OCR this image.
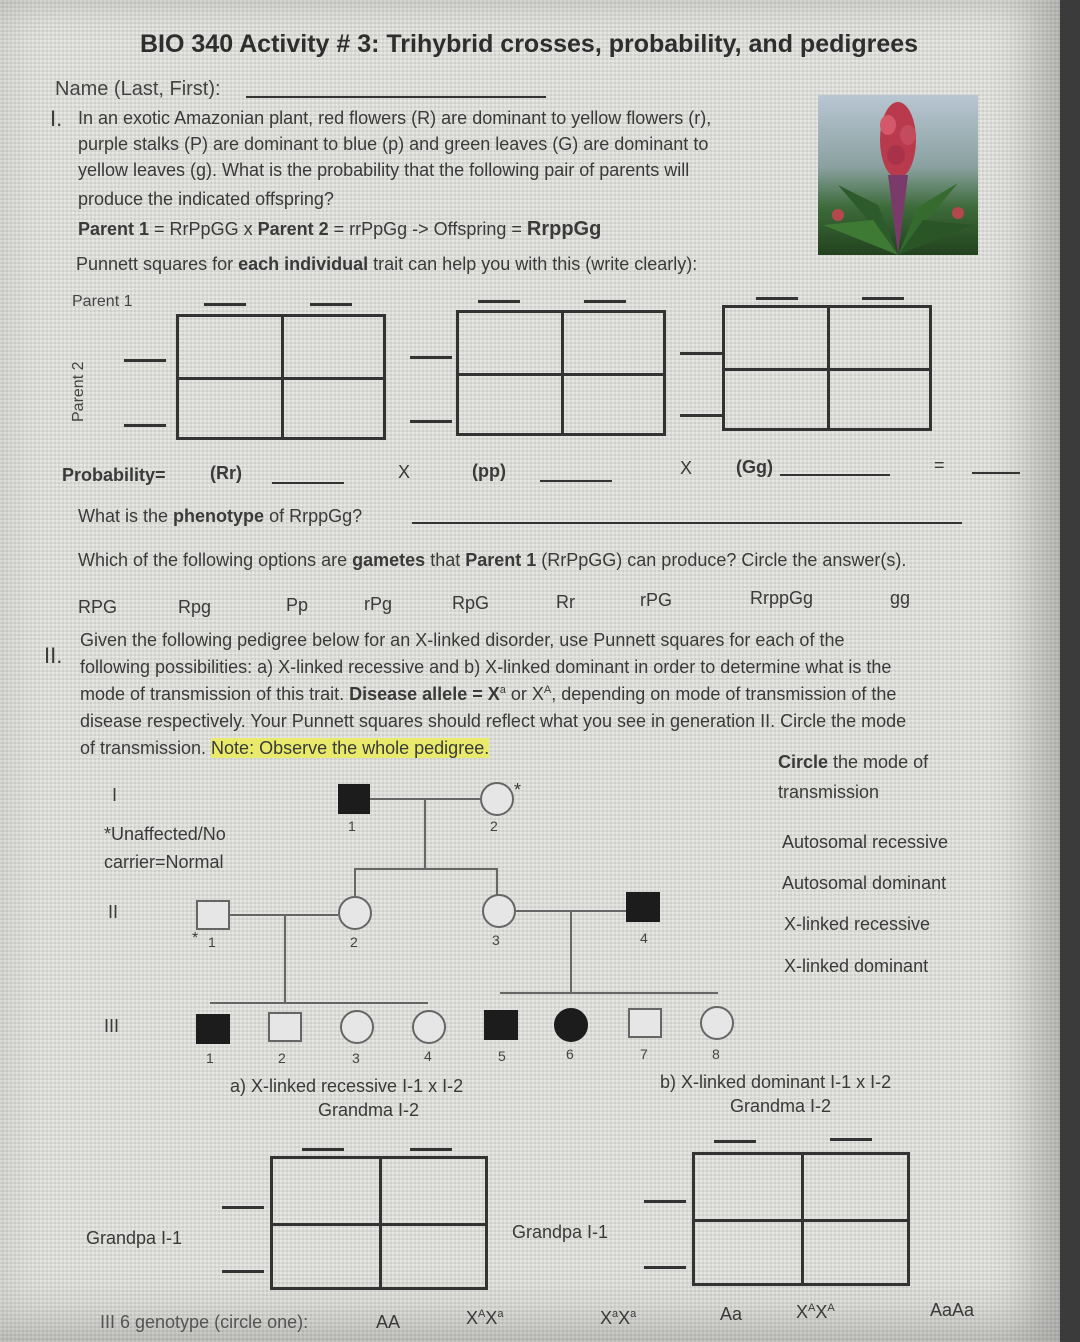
BIO 340 Activity # 3: Trihybrid crosses, probability, and pedigrees
Name (Last, First):
I. In an exotic Amazonian plant, red flowers (R) are dominant to yellow flowers (r),
purple stalks (P) are dominant to blue (p) and green leaves (G) are dominant to
yellow leaves (g). What is the probability that the following pair of parents will
produce the indicated offspring?
Parent 1 = RrPpGG x Parent 2 = rrPpGg -> Offspring = RrppGg
Punnett squares for each individual trait can help you with this (write clearly):
Parent 1
Parent 2
Probability= (Rr)	X	(pp)	X (Gg)	=
What is the phenotype of RrppGg?
Which of the following options are gametes that Parent 1 (RrPpGG) can produce? Circle the answer(s).
RPG	Rpg	Pp	rPg	RpG	Rr	rPG	RrppGg	gg
II.
Given the following pedigree below for an X-linked disorder, use Punnett squares for each of the
following possibilities: a) X-linked recessive and b) X-linked dominant in order to determine what is the
mode of transmission of this trait. Disease allele = $X^a$ or $X^A$, depending on mode of transmission of the
disease respectively. Your Punnett squares should reflect what you see in generation II. Circle the mode
of transmission. Note: Observe the whole pedigree.
Circle the mode of
transmission
Autosomal recessive
Autosomal dominant
X-linked recessive
X-linked dominant
I
*Unaffected/No
carrier=Normal
II
III
*
1	2
* 1	2	3	4
1	2	3	4	5	6	7	8
a) X-linked recessive I-1 x I-2
Grandma I-2
b) X-linked dominant I-1 x I-2
Grandma I-2
Grandpa I-1	Grandpa I-1
III 6 genotype (circle one):	AA	$X^AX^a$	$X^aX^a$	Aa	$X^AX^A$	AaAa
